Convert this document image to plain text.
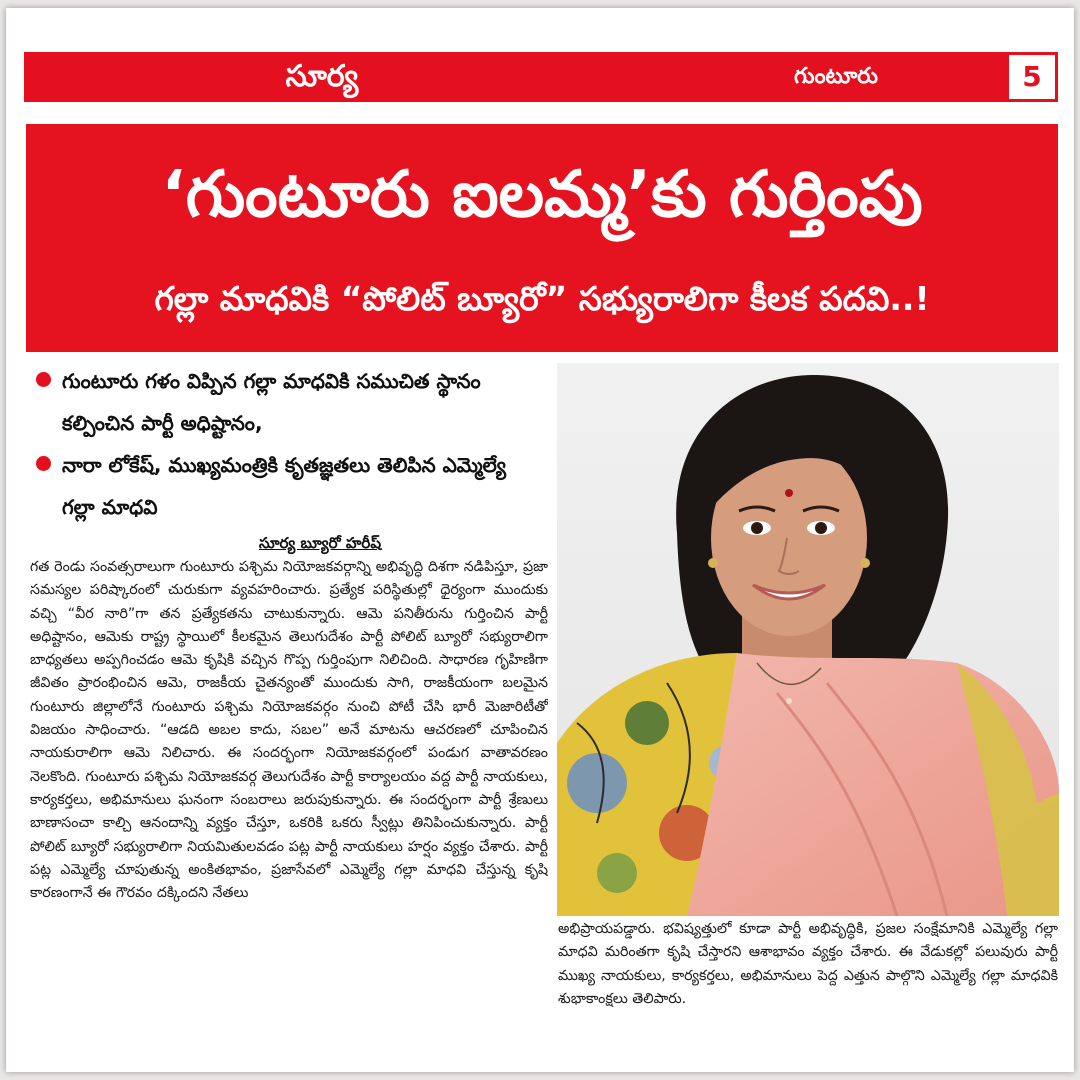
సూర్య	గుంటూరు	5
‘గుంటూరు ఐలమ్మ’కు గుర్తింపు
గల్లా మాధవికి “పోలిట్ బ్యూరో” సభ్యురాలిగా కీలక పదవి..!
గుంటూరు గళం విప్పిన గల్లా మాధవికి సముచిత స్థానం కల్పించిన పార్టీ అధిష్టానం,
నారా లోకేష్, ముఖ్యమంత్రికి కృతజ్ఞతలు తెలిపిన ఎమ్మెల్యే గల్లా మాధవి
సూర్య బ్యూరో హరీష్
గత రెండు సంవత్సరాలుగా గుంటూరు పశ్చిమ నియోజకవర్గాన్ని అభివృద్ధి దిశగా నడిపిస్తూ, ప్రజా సమస్యల పరిష్కారంలో చురుకుగా వ్యవహరించారు. ప్రత్యేక పరిస్థితుల్లో ధైర్యంగా ముందుకు వచ్చి “వీర నారి”గా తన ప్రత్యేకతను చాటుకున్నారు. ఆమె పనితీరును గుర్తించిన పార్టీ అధిష్టానం, ఆమెకు రాష్ట్ర స్థాయిలో కీలకమైన తెలుగుదేశం పార్టీ పోలిట్ బ్యూరో సభ్యురాలిగా బాధ్యతలు అప్పగించడం ఆమె కృషికి వచ్చిన గొప్ప గుర్తింపుగా నిలిచింది. సాధారణ గృహిణిగా జీవితం ప్రారంభించిన ఆమె, రాజకీయ చైతన్యంతో ముందుకు సాగి, రాజకీయంగా బలమైన గుంటూరు జిల్లాలోనే గుంటూరు పశ్చిమ నియోజకవర్గం నుంచి పోటీ చేసి భారీ మెజారిటీతో విజయం సాధించారు. “ఆడది అబల కాదు, సబల” అనే మాటను ఆచరణలో చూపించిన నాయకురాలిగా ఆమె నిలిచారు. ఈ సందర్భంగా నియోజకవర్గంలో పండుగ వాతావరణం నెలకొంది. గుంటూరు పశ్చిమ నియోజకవర్గ తెలుగుదేశం పార్టీ కార్యాలయం వద్ద పార్టీ నాయకులు, కార్యకర్తలు, అభిమానులు ఘనంగా సంబరాలు జరుపుకున్నారు. ఈ సందర్భంగా పార్టీ శ్రేణులు బాణాసంచా కాల్చి ఆనందాన్ని వ్యక్తం చేస్తూ, ఒకరికి ఒకరు స్వీట్లు తినిపించుకున్నారు. పార్టీ పోలిట్ బ్యూరో సభ్యురాలిగా నియమితులవడం పట్ల పార్టీ నాయకులు హర్షం వ్యక్తం చేశారు. పార్టీ పట్ల ఎమ్మెల్యే చూపుతున్న అంకితభావం, ప్రజాసేవలో ఎమ్మెల్యే గల్లా మాధవి చేస్తున్న కృషి కారణంగానే ఈ గౌరవం దక్కిందని నేతలు
అభిప్రాయపడ్డారు. భవిష్యత్తులో కూడా పార్టీ అభివృద్ధికి, ప్రజల సంక్షేమానికి ఎమ్మెల్యే గల్లా మాధవి మరింతగా కృషి చేస్తారని ఆశాభావం వ్యక్తం చేశారు. ఈ వేడుకల్లో పలువురు పార్టీ ముఖ్య నాయకులు, కార్యకర్తలు, అభిమానులు పెద్ద ఎత్తున పాల్గొని ఎమ్మెల్యే గల్లా మాధవికి శుభాకాంక్షలు తెలిపారు.
